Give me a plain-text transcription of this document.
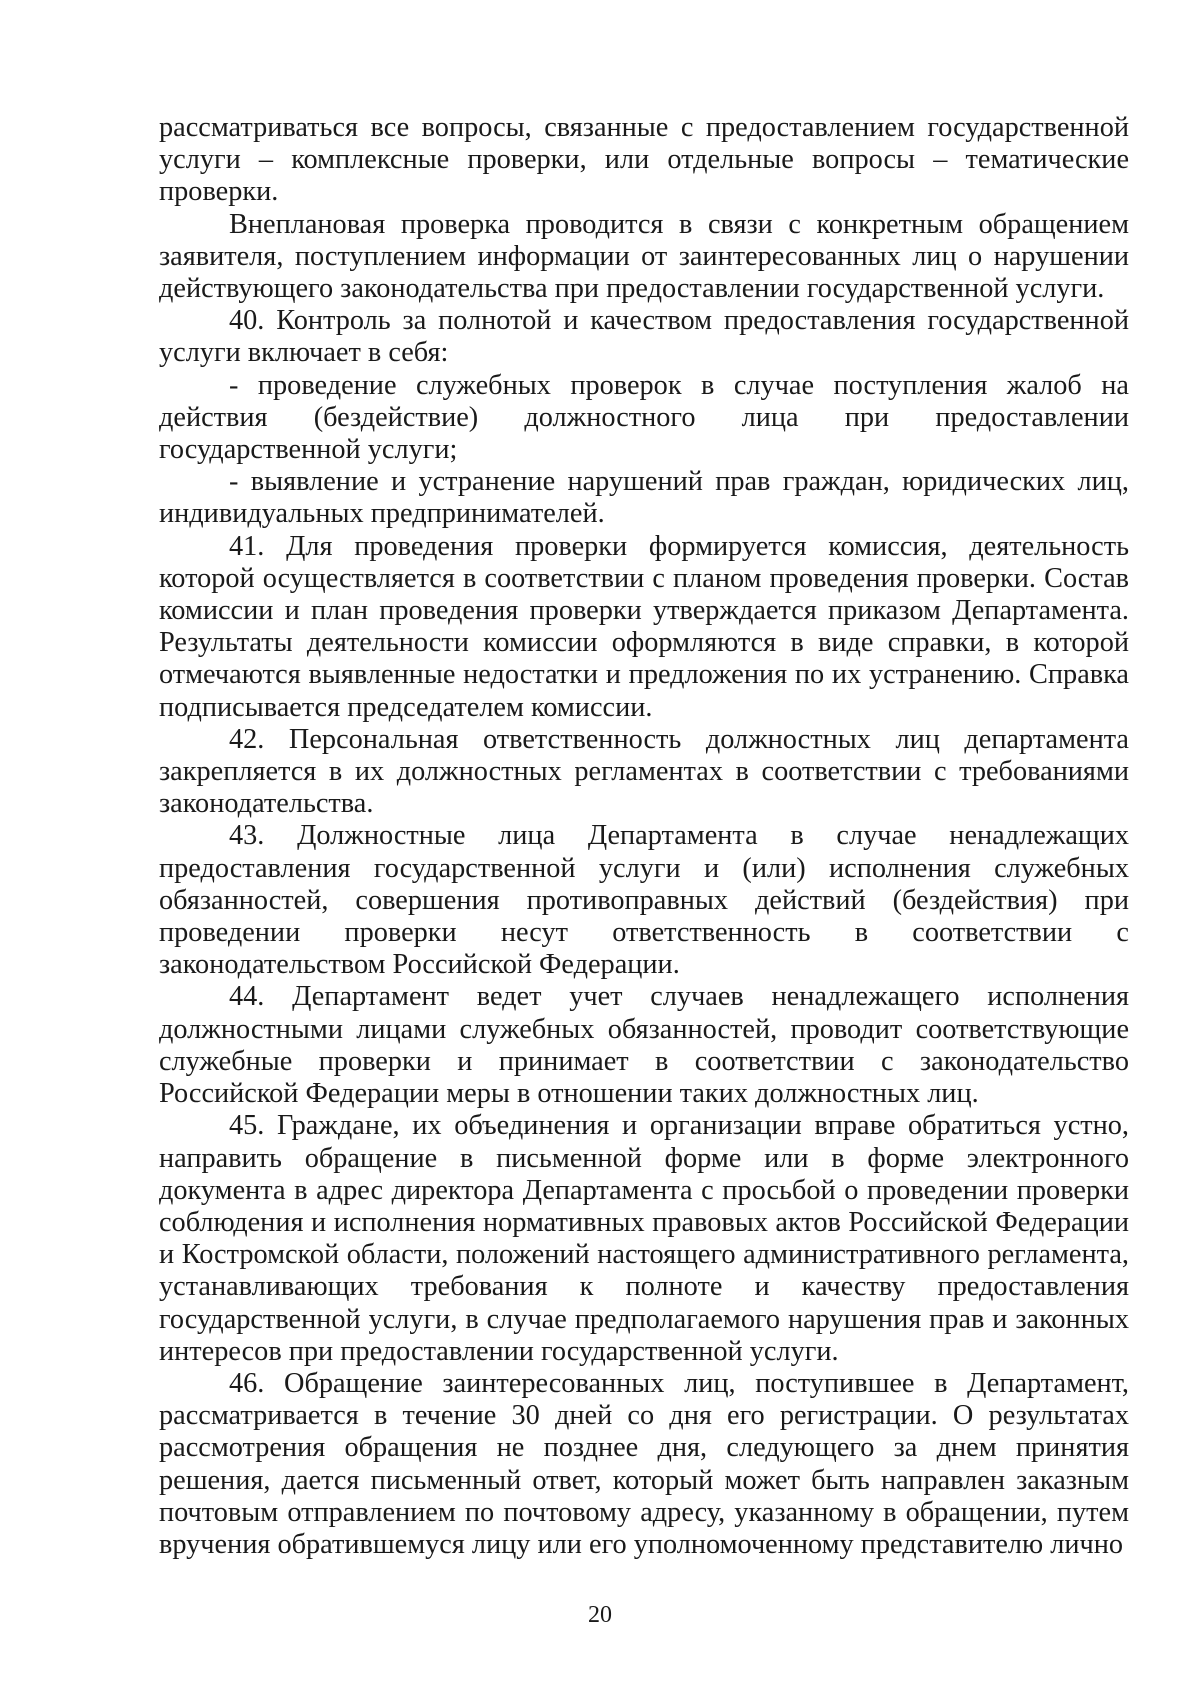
рассматриваться все вопросы, связанные с предоставлением государственной услуги – комплексные проверки, или отдельные вопросы – тематические проверки.

Внеплановая проверка проводится в связи с конкретным обращением заявителя, поступлением информации от заинтересованных лиц о нарушении действующего законодательства при предоставлении государственной услуги.

40. Контроль за полнотой и качеством предоставления государственной услуги включает в себя:

- проведение служебных проверок в случае поступления жалоб на действия (бездействие) должностного лица при предоставлении государственной услуги;

- выявление и устранение нарушений прав граждан, юридических лиц, индивидуальных предпринимателей.

41. Для проведения проверки формируется комиссия, деятельность которой осуществляется в соответствии с планом проведения проверки. Состав комиссии и план проведения проверки утверждается приказом Департамента. Результаты деятельности комиссии оформляются в виде справки, в которой отмечаются выявленные недостатки и предложения по их устранению. Справка подписывается председателем комиссии.

42. Персональная ответственность должностных лиц департамента закрепляется в их должностных регламентах в соответствии с требованиями законодательства.

43. Должностные лица Департамента в случае ненадлежащих предоставления государственной услуги и (или) исполнения служебных обязанностей, совершения противоправных действий (бездействия) при проведении проверки несут ответственность в соответствии с законодательством Российской Федерации.

44. Департамент ведет учет случаев ненадлежащего исполнения должностными лицами служебных обязанностей, проводит соответствующие служебные проверки и принимает в соответствии с законодательство Российской Федерации меры в отношении таких должностных лиц.

45. Граждане, их объединения и организации вправе обратиться устно, направить обращение в письменной форме или в форме электронного документа в адрес директора Департамента с просьбой о проведении проверки соблюдения и исполнения нормативных правовых актов Российской Федерации и Костромской области, положений настоящего административного регламента, устанавливающих требования к полноте и качеству предоставления государственной услуги, в случае предполагаемого нарушения прав и законных интересов при предоставлении государственной услуги.

46. Обращение заинтересованных лиц, поступившее в Департамент, рассматривается в течение 30 дней со дня его регистрации. О результатах рассмотрения обращения не позднее дня, следующего за днем принятия решения, дается письменный ответ, который может быть направлен заказным почтовым отправлением по почтовому адресу, указанному в обращении, путем вручения обратившемуся лицу или его уполномоченному представителю лично

20
